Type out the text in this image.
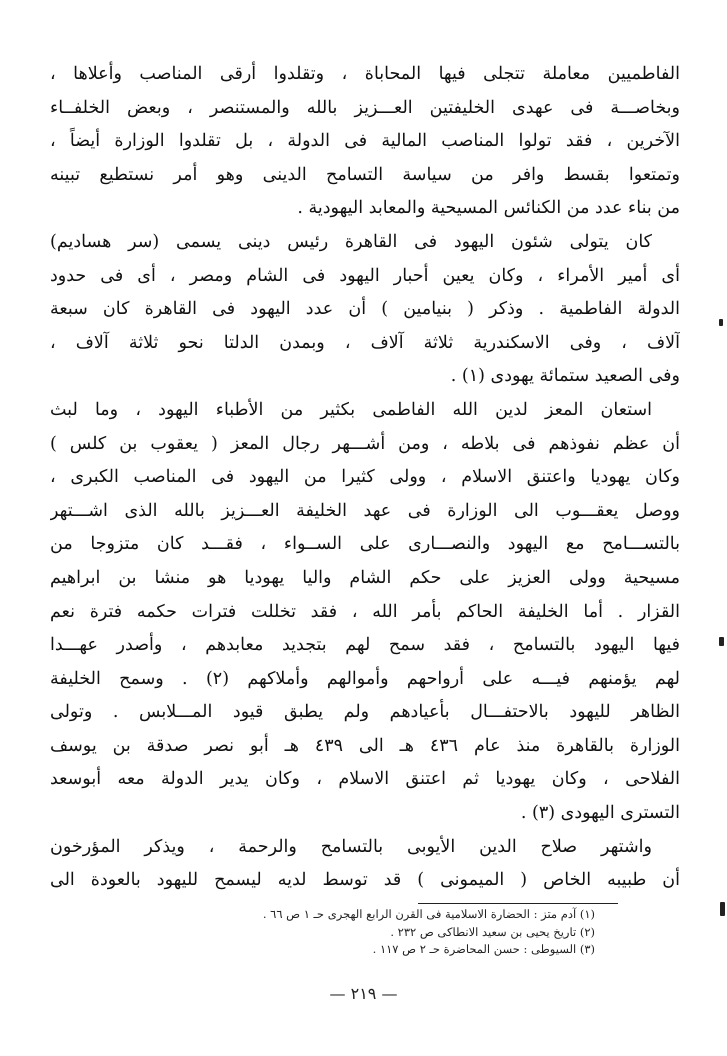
الفاطميين معاملة تتجلى فيها المحاباة ، وتقلدوا أرقى المناصب وأعلاها ،
وبخاصـــة فى عهدى الخليفتين العـــزيز بالله والمستنصر ، وبعض الخلفــاء
الآخرين ، فقد تولوا المناصب المالية فى الدولة ، بل تقلدوا الوزارة أيضاً ،
وتمتعوا بقسط وافر من سياسة التسامح الدينى وهو أمر نستطيع تبينه
من بناء عدد من الكنائس المسيحية والمعابد اليهودية .

كان يتولى شئون اليهود فى القاهرة رئيس دينى يسمى (سر هساديم)
أى أمير الأمراء ، وكان يعين أحبار اليهود فى الشام ومصر ، أى فى حدود
الدولة الفاطمية . وذكر ( بنيامين ) أن عدد اليهود فى القاهرة كان سبعة
آلاف ، وفى الاسكندرية ثلاثة آلاف ، وبمدن الدلتا نحو ثلاثة آلاف ،
وفى الصعيد ستمائة يهودى (١) .

استعان المعز لدين الله الفاطمى بكثير من الأطباء اليهود ، وما لبث
أن عظم نفوذهم فى بلاطه ، ومن أشـــهر رجال المعز ( يعقوب بن كلس )
وكان يهوديا واعتنق الاسلام ، وولى كثيرا من اليهود فى المناصب الكبرى ،
ووصل يعقـــوب الى الوزارة فى عهد الخليفة العـــزيز بالله الذى اشـــتهر
بالتســـامح مع اليهود والنصـــارى على الســواء ، فقـــد كان متزوجا من
مسيحية وولى العزيز على حكم الشام واليا يهوديا هو منشا بن ابراهيم
القزار . أما الخليفة الحاكم بأمر الله ، فقد تخللت فترات حكمه فترة نعم
فيها اليهود بالتسامح ، فقد سمح لهم بتجديد معابدهم ، وأصدر عهـــدا
لهم يؤمنهم فيـــه على أرواحهم وأموالهم وأملاكهم (٢) . وسمح الخليفة
الظاهر لليهود بالاحتفـــال بأعيادهم ولم يطبق قيود المـــلابس . وتولى
الوزارة بالقاهرة منذ عام ٤٣٦ هـ الى ٤٣٩ هـ أبو نصر صدقة بن يوسف
الفلاحى ، وكان يهوديا ثم اعتنق الاسلام ، وكان يدير الدولة معه أبوسعد
التسترى اليهودى (٣) .

واشتهر صلاح الدين الأيوبى بالتسامح والرحمة ، ويذكر المؤرخون
أن طبيبه الخاص ( الميمونى ) قد توسط لديه ليسمح لليهود بالعودة الى

(١) آدم متز : الحضارة الاسلامية فى القرن الرابع الهجرى حـ ١ ص ٦٦ .
(٢) تاريخ يحيى بن سعيد الانطاكى ص ٢٣٢ .
(٣) السيوطى : حسن المحاضرة حـ ٢ ص ١١٧ .
— ٢١٩ —
